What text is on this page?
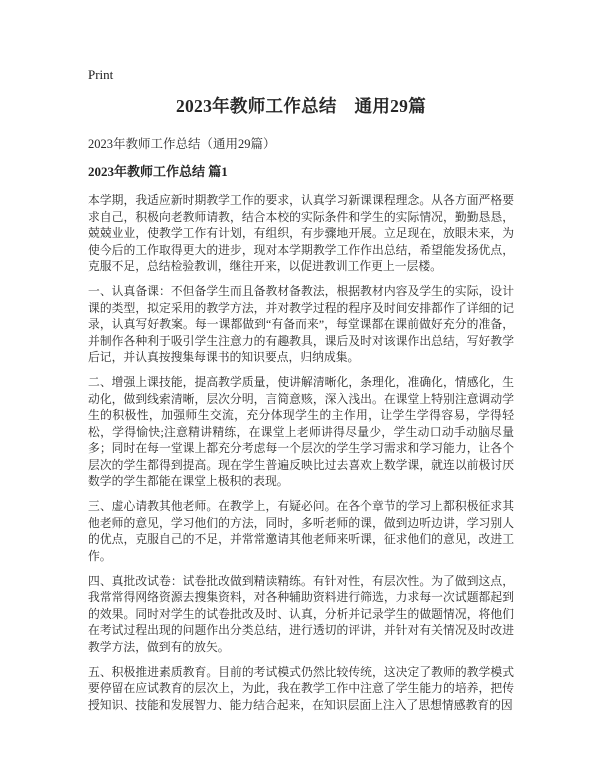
Print
2023年教师工作总结　通用29篇
2023年教师工作总结（通用29篇）
2023年教师工作总结 篇1

本学期，我适应新时期教学工作的要求，认真学习新课课程理念。从各方面严格要求自己，积极向老教师请教，结合本校的实际条件和学生的实际情况，勤勤恳恳，兢兢业业，使教学工作有计划，有组织，有步骤地开展。立足现在，放眼未来，为使今后的工作取得更大的进步，现对本学期教学工作作出总结，希望能发扬优点，克服不足，总结检验教训，继往开来，以促进教训工作更上一层楼。

一、认真备课：不但备学生而且备教材备教法，根据教材内容及学生的实际，设计课的类型，拟定采用的教学方法，并对教学过程的程序及时间安排都作了详细的记录，认真写好教案。每一课都做到“有备而来”，每堂课都在课前做好充分的准备，并制作各种利于吸引学生注意力的有趣教具，课后及时对该课作出总结，写好教学后记，并认真按搜集每课书的知识要点，归纳成集。

二、增强上课技能，提高教学质量，使讲解清晰化，条理化，准确化，情感化，生动化，做到线索清晰，层次分明，言简意赅，深入浅出。在课堂上特别注意调动学生的积极性，加强师生交流，充分体现学生的主作用，让学生学得容易，学得轻松，学得愉快;注意精讲精练，在课堂上老师讲得尽量少，学生动口动手动脑尽量多；同时在每一堂课上都充分考虑每一个层次的学生学习需求和学习能力，让各个层次的学生都得到提高。现在学生普遍反映比过去喜欢上数学课，就连以前极讨厌数学的学生都能在课堂上极积的表现。

三、虚心请教其他老师。在教学上，有疑必问。在各个章节的学习上都积极征求其他老师的意见，学习他们的方法，同时，多听老师的课，做到边听边讲，学习别人的优点，克服自己的不足，并常常邀请其他老师来听课，征求他们的意见，改进工作。

四、真批改试卷：试卷批改做到精读精练。有针对性，有层次性。为了做到这点，我常常得网络资源去搜集资料，对各种辅助资料进行筛选，力求每一次试题都起到的效果。同时对学生的试卷批改及时、认真，分析并记录学生的做题情况，将他们在考试过程出现的问题作出分类总结，进行透切的评讲，并针对有关情况及时改进教学方法，做到有的放矢。

五、积极推进素质教育。目前的考试模式仍然比较传统，这决定了教师的教学模式要停留在应试教育的层次上，为此，我在教学工作中注意了学生能力的培养，把传授知识、技能和发展智力、能力结合起来，在知识层面上注入了思想情感教育的因
